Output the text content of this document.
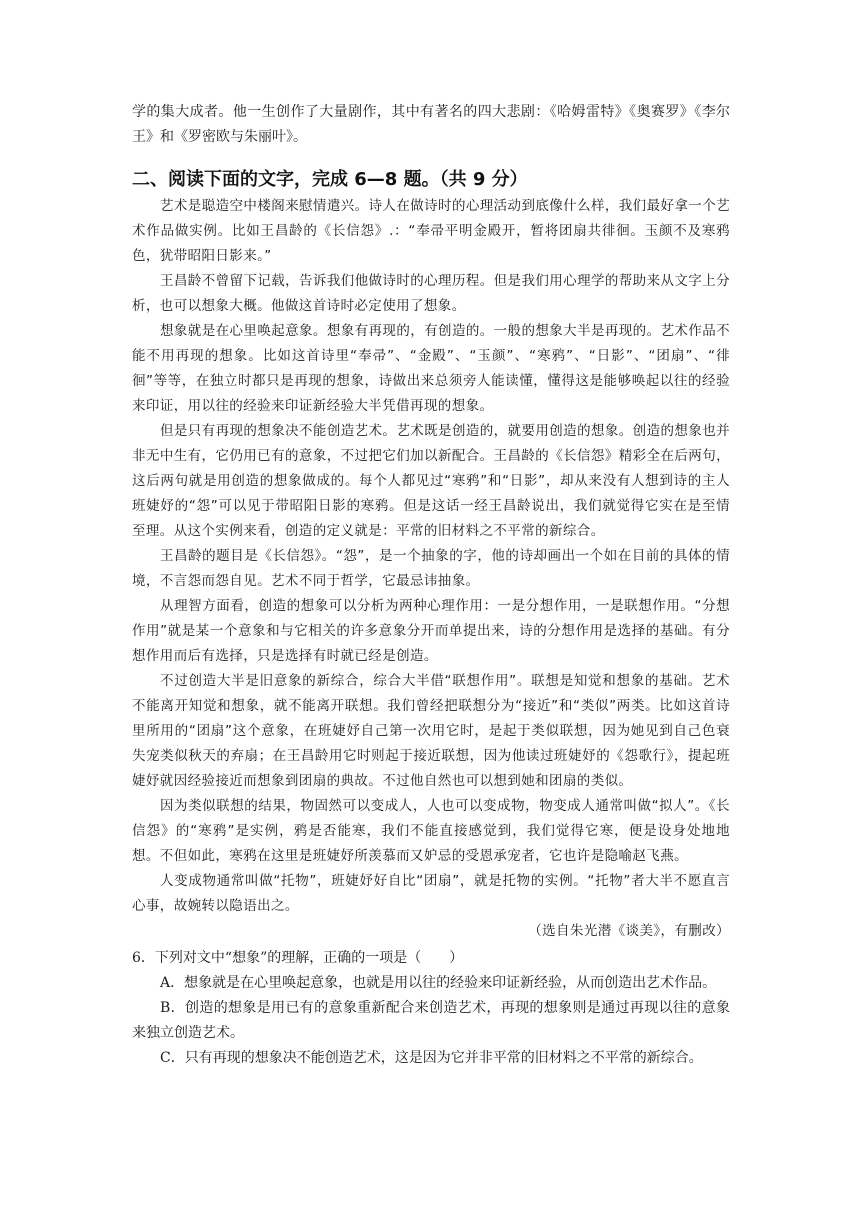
学的集大成者。他一生创作了大量剧作，其中有著名的四大悲剧：《哈姆雷特》《奥赛罗》《李尔王》和《罗密欧与朱丽叶》。

二、阅读下面的文字，完成 6—8 题。（共 9 分）

艺术是聪造空中楼阁来慰情遣兴。诗人在做诗时的心理活动到底像什么样，我们最好拿一个艺术作品做实例。比如王昌龄的《长信怨》.：“奉帚平明金殿开，暂将团扇共徘徊。玉颜不及寒鸦色，犹带昭阳日影来。”

王昌龄不曾留下记载，告诉我们他做诗时的心理历程。但是我们用心理学的帮助来从文字上分析，也可以想象大概。他做这首诗时必定使用了想象。

想象就是在心里唤起意象。想象有再现的，有创造的。一般的想象大半是再现的。艺术作品不能不用再现的想象。比如这首诗里“奉帚”、“金殿”、“玉颜”、“寒鸦”、“日影”、“团扇”、“徘徊”等等，在独立时都只是再现的想象，诗做出来总须旁人能读懂，懂得这是能够唤起以往的经验来印证，用以往的经验来印证新经验大半凭借再现的想象。

但是只有再现的想象决不能创造艺术。艺术既是创造的，就要用创造的想象。创造的想象也并非无中生有，它仍用已有的意象，不过把它们加以新配合。王昌龄的《长信怨》精彩全在后两句，这后两句就是用创造的想象做成的。每个人都见过“寒鸦”和“日影”，却从来没有人想到诗的主人班婕妤的“怨”可以见于带昭阳日影的寒鸦。但是这话一经王昌龄说出，我们就觉得它实在是至情至理。从这个实例来看，创造的定义就是：平常的旧材料之不平常的新综合。

王昌龄的题目是《长信怨》。“怨”，是一个抽象的字，他的诗却画出一个如在目前的具体的情境，不言怨而怨自见。艺术不同于哲学，它最忌讳抽象。

从理智方面看，创造的想象可以分析为两种心理作用：一是分想作用，一是联想作用。“分想作用”就是某一个意象和与它相关的许多意象分开而单提出来，诗的分想作用是选择的基础。有分想作用而后有选择，只是选择有时就已经是创造。

不过创造大半是旧意象的新综合，综合大半借“联想作用”。联想是知觉和想象的基础。艺术不能离开知觉和想象，就不能离开联想。我们曾经把联想分为“接近”和“类似”两类。比如这首诗里所用的“团扇”这个意象，在班婕妤自己第一次用它时，是起于类似联想，因为她见到自己色衰失宠类似秋天的弃扇；在王昌龄用它时则起于接近联想，因为他读过班婕妤的《怨歌行》，提起班婕妤就因经验接近而想象到团扇的典故。不过他自然也可以想到她和团扇的类似。

因为类似联想的结果，物固然可以变成人，人也可以变成物，物变成人通常叫做“拟人”。《长信怨》的“寒鸦”是实例，鸦是否能寒，我们不能直接感觉到，我们觉得它寒，便是设身处地地想。不但如此，寒鸦在这里是班婕妤所羡慕而又妒忌的受恩承宠者，它也许是隐喻赵飞燕。

人变成物通常叫做“托物”，班婕妤好自比“团扇”，就是托物的实例。“托物”者大半不愿直言心事，故婉转以隐语出之。

（选自朱光潜《谈美》，有删改）

6．下列对文中“想象”的理解，正确的一项是（　　）

A．想象就是在心里唤起意象，也就是用以往的经验来印证新经验，从而创造出艺术作品。

B．创造的想象是用已有的意象重新配合来创造艺术，再现的想象则是通过再现以往的意象来独立创造艺术。

C．只有再现的想象决不能创造艺术，这是因为它并非平常的旧材料之不平常的新综合。
